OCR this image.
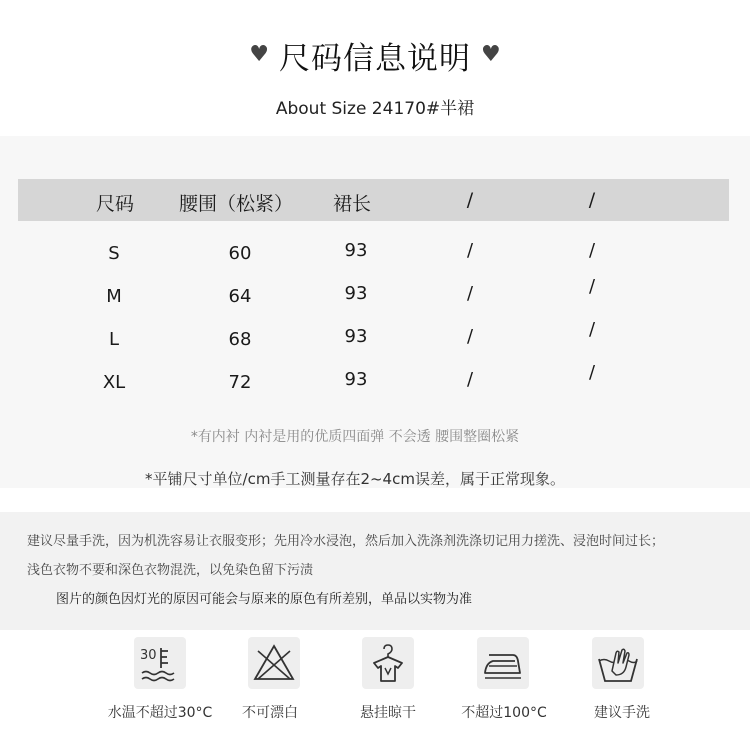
♥ 尺码信息说明 ♥
About Size 24170#半裙
尺码 腰围（松紧） 裙长	/	/
S	60	93	/	/
M	64	93	/	/
L	68	93	/	/
XL	72	93	/	/
*有内衬 内衬是用的优质四面弹 不会透 腰围整圈松紧
*平铺尺寸单位/cm手工测量存在2~4cm误差，属于正常现象。
建议尽量手洗，因为机洗容易让衣服变形；先用冷水浸泡，然后加入洗涤剂洗涤切记用力搓洗、浸泡时间过长；
浅色衣物不要和深色衣物混洗，以免染色留下污渍
图片的颜色因灯光的原因可能会与原来的原色有所差别，单品以实物为准
30
水温不超过30°C 不可漂白	悬挂晾干	不超过100°C	建议手洗
